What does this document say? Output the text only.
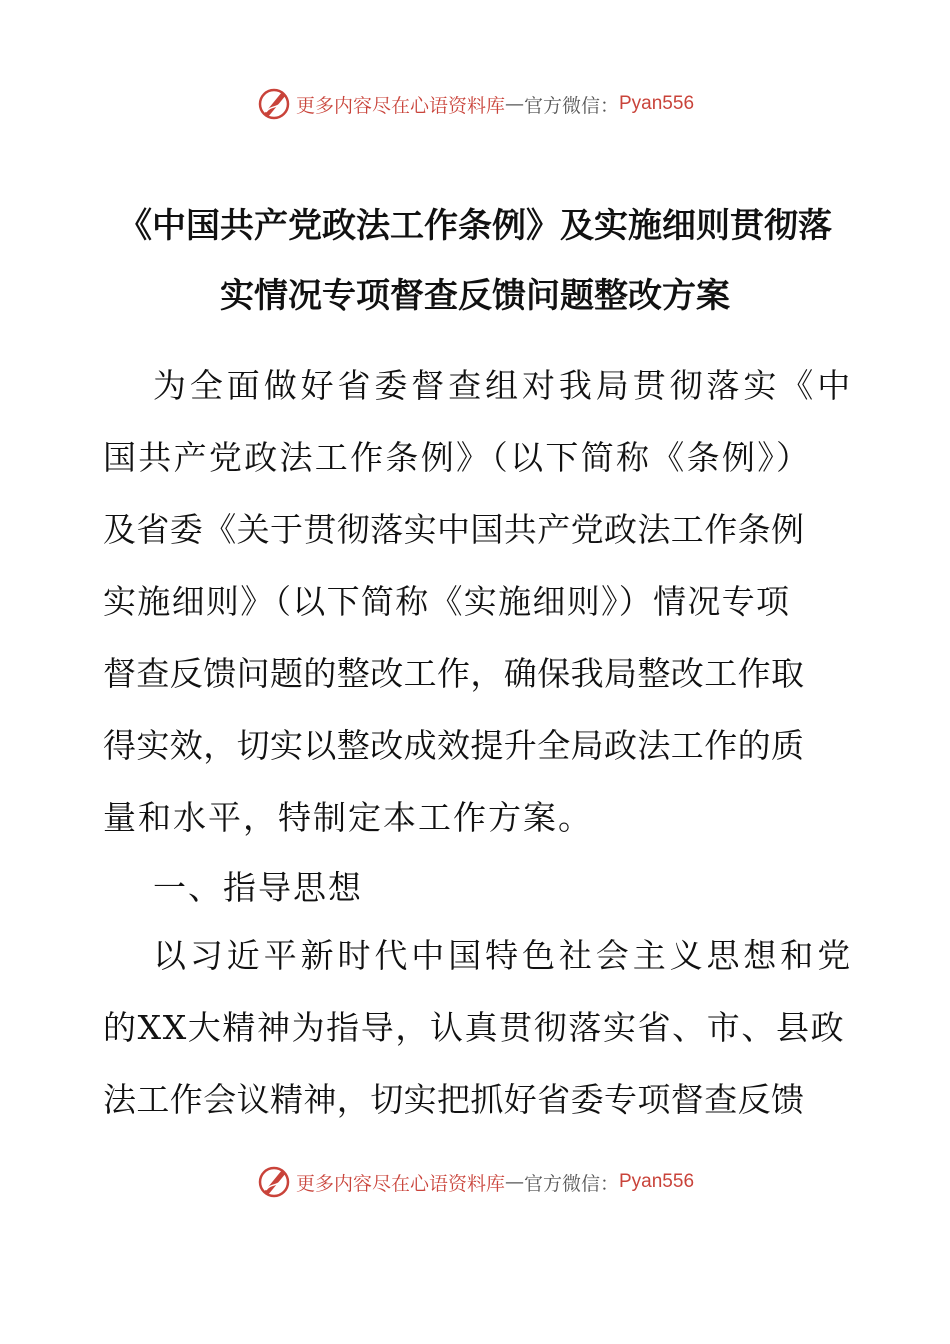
更多内容尽在心语资料库 — 官方微信： Pyan556
《中国共产党政法工作条例》及实施细则贯彻落
实情况专项督查反馈问题整改方案
为全面做好省委督查组对我局贯彻落实《中
国共产党政法工作条例》（以下简称《条例》）
及省委《关于贯彻落实中国共产党政法工作条例
实施细则》（以下简称《实施细则》）情况专项
督查反馈问题的整改工作，确保我局整改工作取
得实效，切实以整改成效提升全局政法工作的质
量和水平，特制定本工作方案。
一、指导思想
以习近平新时代中国特色社会主义思想和党
的XX大精神为指导，认真贯彻落实省、市、县政
法工作会议精神，切实把抓好省委专项督查反馈
更多内容尽在心语资料库 — 官方微信： Pyan556
